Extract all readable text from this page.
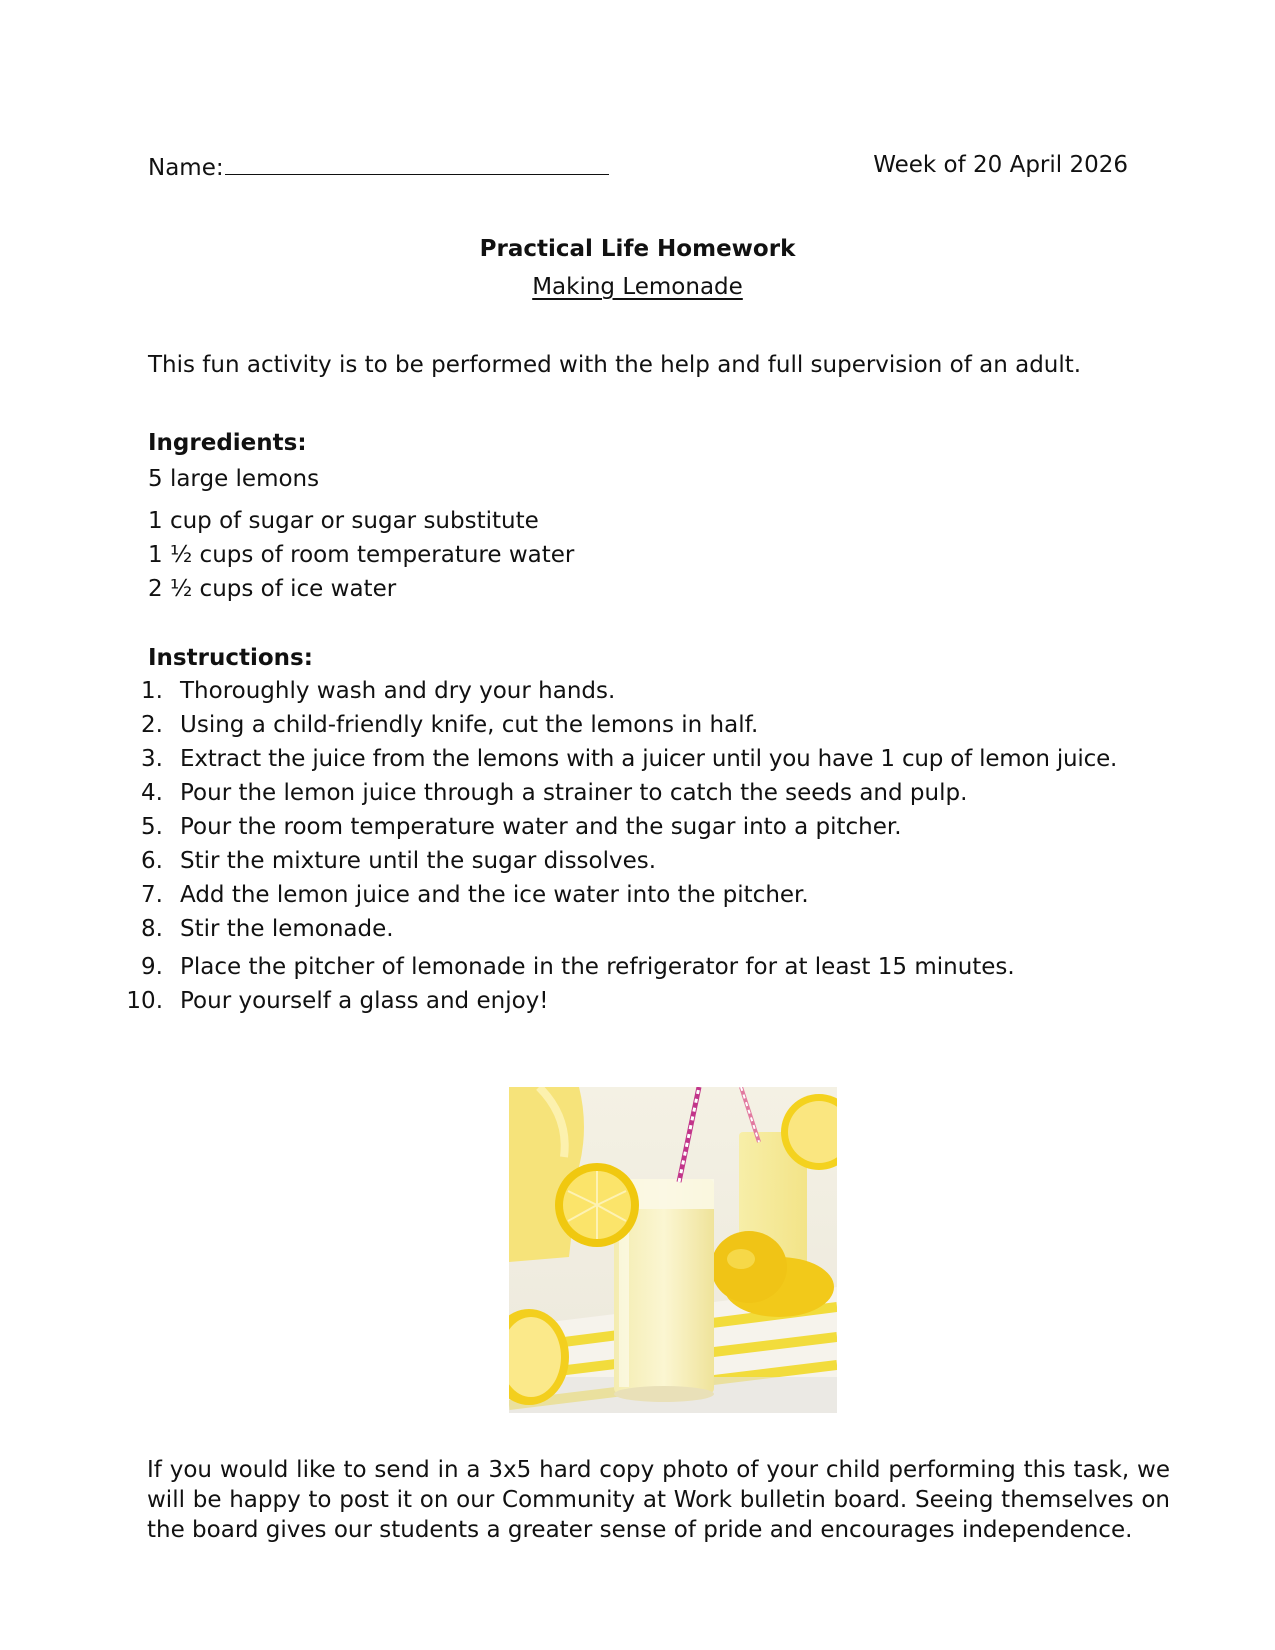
Name:	Week of 20 April 2026
Practical Life Homework
Making Lemonade
This fun activity is to be performed with the help and full supervision of an adult.
Ingredients:
5 large lemons
1 cup of sugar or sugar substitute
1 ½ cups of room temperature water
2 ½ cups of ice water
Instructions:
1. Thoroughly wash and dry your hands.
2. Using a child-friendly knife, cut the lemons in half.
3. Extract the juice from the lemons with a juicer until you have 1 cup of lemon juice.
4. Pour the lemon juice through a strainer to catch the seeds and pulp.
5. Pour the room temperature water and the sugar into a pitcher.
6. Stir the mixture until the sugar dissolves.
7. Add the lemon juice and the ice water into the pitcher.
8. Stir the lemonade.
9. Place the pitcher of lemonade in the refrigerator for at least 15 minutes.
10. Pour yourself a glass and enjoy!
If you would like to send in a 3x5 hard copy photo of your child performing this task, we will be happy to post it on our Community at Work bulletin board. Seeing themselves on the board gives our students a greater sense of pride and encourages independence.
